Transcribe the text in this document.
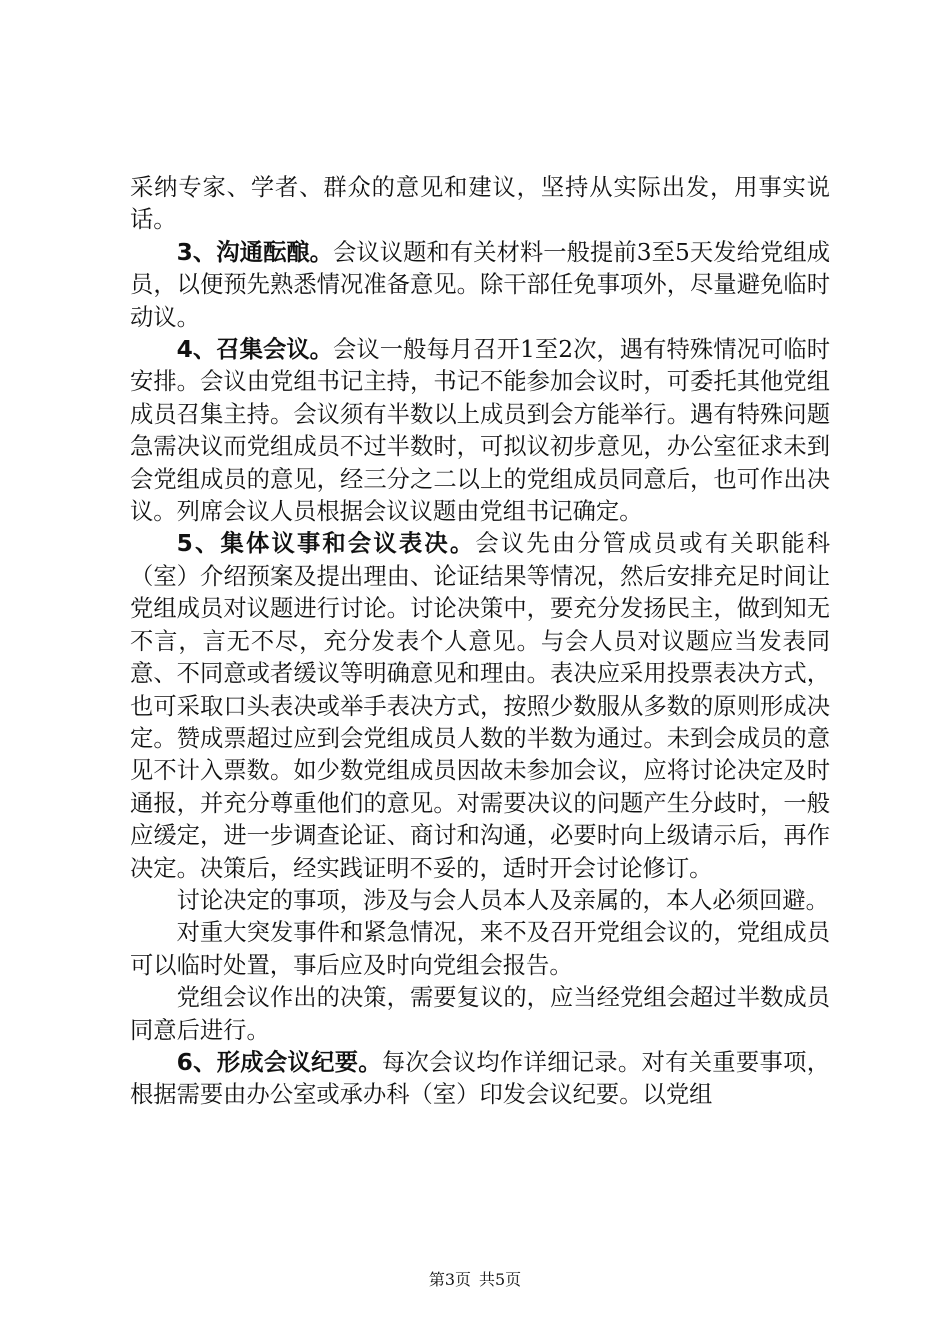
采纳专家、学者、群众的意见和建议，坚持从实际出发，用事实说话。

3、沟通酝酿。会议议题和有关材料一般提前3至5天发给党组成员，以便预先熟悉情况准备意见。除干部任免事项外，尽量避免临时动议。

4、召集会议。会议一般每月召开1至2次，遇有特殊情况可临时安排。会议由党组书记主持，书记不能参加会议时，可委托其他党组成员召集主持。会议须有半数以上成员到会方能举行。遇有特殊问题急需决议而党组成员不过半数时，可拟议初步意见，办公室征求未到会党组成员的意见，经三分之二以上的党组成员同意后，也可作出决议。列席会议人员根据会议议题由党组书记确定。

5、集体议事和会议表决。会议先由分管成员或有关职能科（室）介绍预案及提出理由、论证结果等情况，然后安排充足时间让党组成员对议题进行讨论。讨论决策中，要充分发扬民主，做到知无不言，言无不尽，充分发表个人意见。与会人员对议题应当发表同意、不同意或者缓议等明确意见和理由。表决应采用投票表决方式，也可采取口头表决或举手表决方式，按照少数服从多数的原则形成决定。赞成票超过应到会党组成员人数的半数为通过。未到会成员的意见不计入票数。如少数党组成员因故未参加会议，应将讨论决定及时通报，并充分尊重他们的意见。对需要决议的问题产生分歧时，一般应缓定，进一步调查论证、商讨和沟通，必要时向上级请示后，再作决定。决策后，经实践证明不妥的，适时开会讨论修订。

讨论决定的事项，涉及与会人员本人及亲属的，本人必须回避。

对重大突发事件和紧急情况，来不及召开党组会议的，党组成员可以临时处置，事后应及时向党组会报告。

党组会议作出的决策，需要复议的，应当经党组会超过半数成员同意后进行。

6、形成会议纪要。每次会议均作详细记录。对有关重要事项，根据需要由办公室或承办科（室）印发会议纪要。以党组

第3页 共5页
